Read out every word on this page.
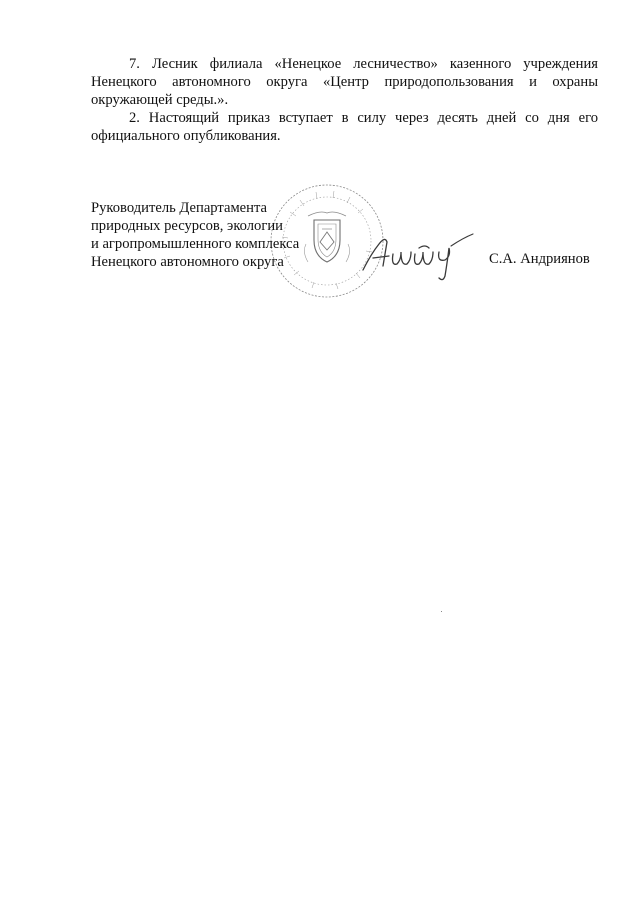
7. Лесник филиала «Ненецкое лесничество» казенного учреждения Ненецкого автономного округа «Центр природопользования и охраны окружающей среды.».

2. Настоящий приказ вступает в силу через десять дней со дня его официального опубликования.

Руководитель Департамента
природных ресурсов, экологии
и агропромышленного комплекса
Ненецкого автономного округа	С.А. Андриянов
